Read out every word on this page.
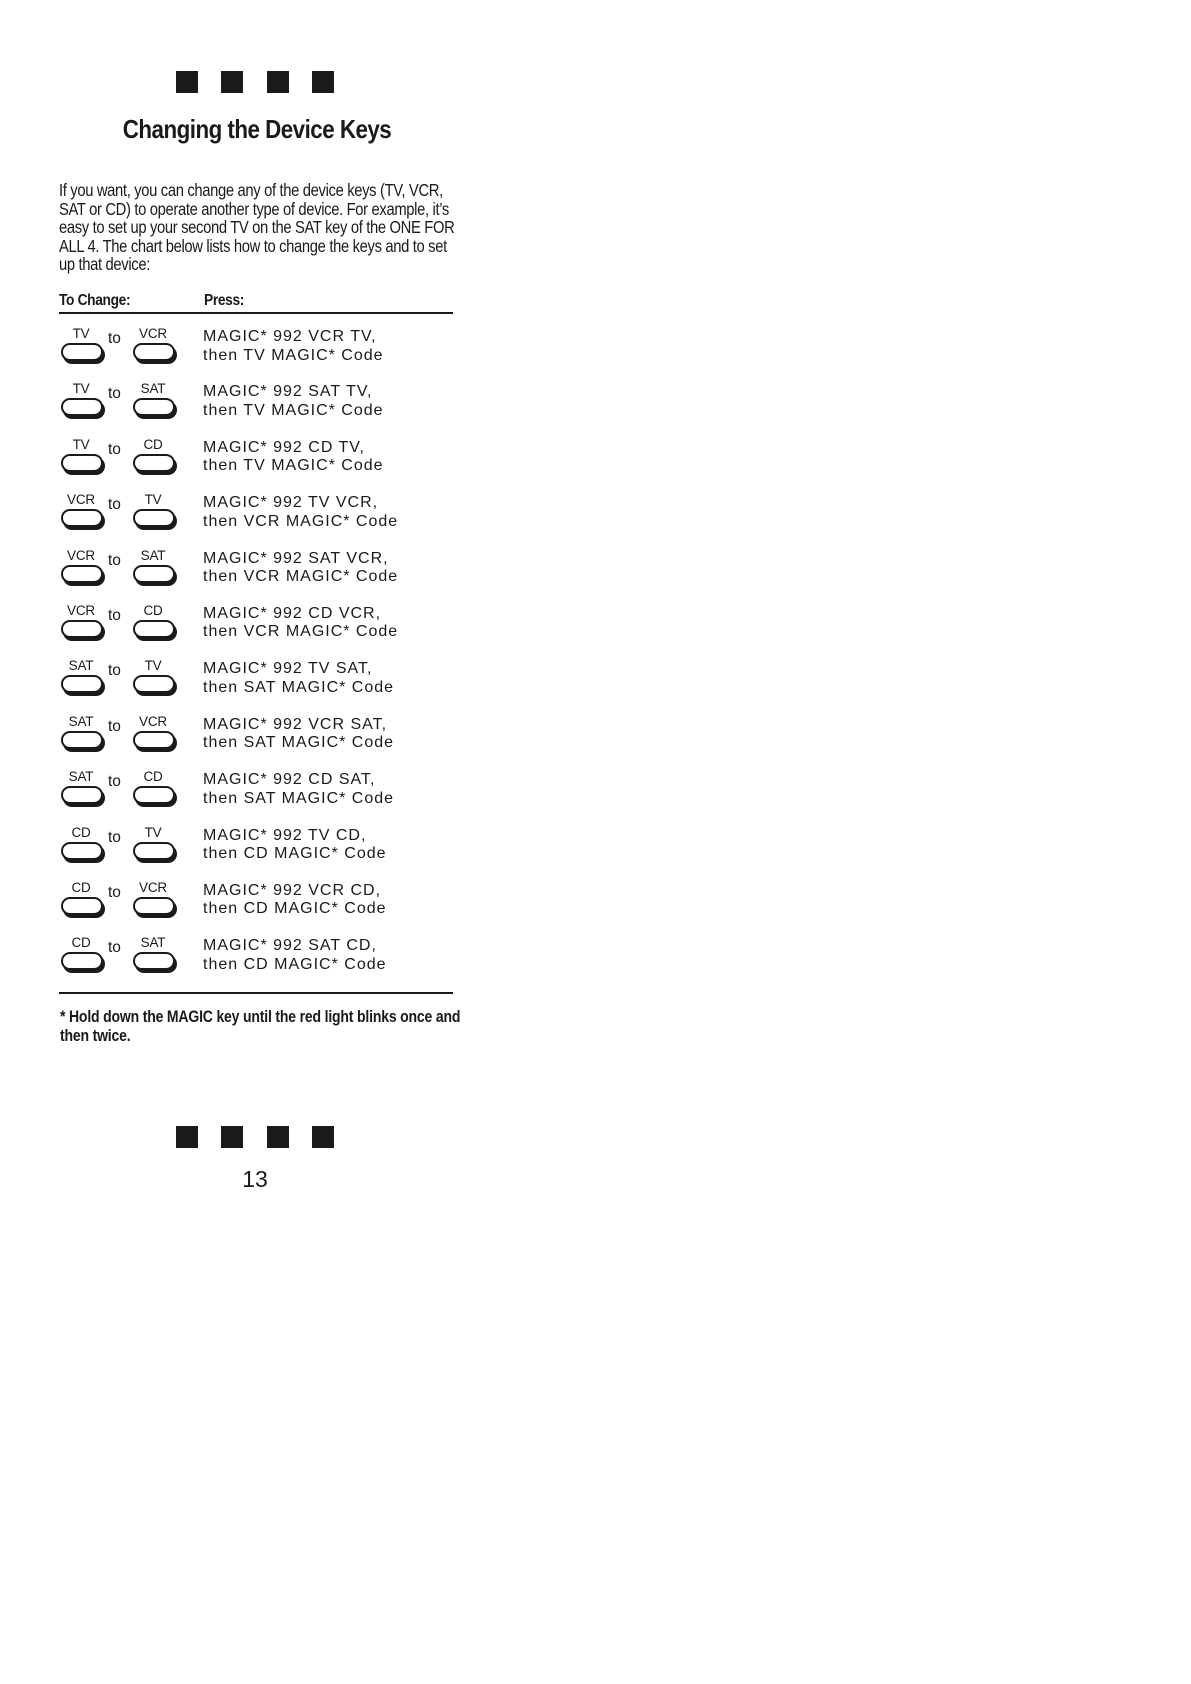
Changing the Device Keys

If you want, you can change any of the device keys (TV, VCR, SAT or CD) to operate another type of device. For example, it’s easy to set up your second TV on the SAT key of the ONE FOR ALL 4. The chart below lists how to change the keys and to set up that device:

To Change:	Press:
TV	to	VCR	MAGIC* 992 VCR TV,
then TV MAGIC* Code
TV	to	SAT	MAGIC* 992 SAT TV,
then TV MAGIC* Code
TV	to	CD	MAGIC* 992 CD TV,
then TV MAGIC* Code
VCR to	TV	MAGIC* 992 TV VCR,
then VCR MAGIC* Code
VCR to	SAT	MAGIC* 992 SAT VCR,
then VCR MAGIC* Code
VCR to	CD	MAGIC* 992 CD VCR,
then VCR MAGIC* Code
SAT to	TV	MAGIC* 992 TV SAT,
then SAT MAGIC* Code
SAT to	VCR	MAGIC* 992 VCR SAT,
then SAT MAGIC* Code
SAT to	CD	MAGIC* 992 CD SAT,
then SAT MAGIC* Code
CD	to	TV	MAGIC* 992 TV CD,
then CD MAGIC* Code
CD	to	VCR	MAGIC* 992 VCR CD,
then CD MAGIC* Code
CD	to	SAT	MAGIC* 992 SAT CD,
then CD MAGIC* Code

* Hold down the MAGIC key until the red light blinks once and then twice.

13
